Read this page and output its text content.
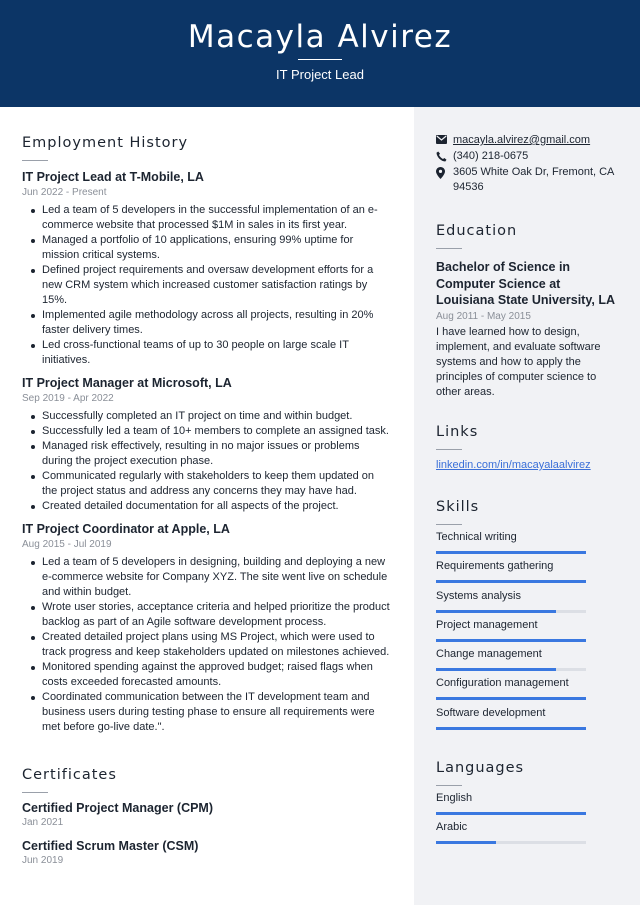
Macayla Alvirez
IT Project Lead
Employment History
IT Project Lead at T-Mobile, LA
Jun 2022 - Present
Led a team of 5 developers in the successful implementation of an e-commerce website that processed $1M in sales in its first year.
Managed a portfolio of 10 applications, ensuring 99% uptime for mission critical systems.
Defined project requirements and oversaw development efforts for a new CRM system which increased customer satisfaction ratings by 15%.
Implemented agile methodology across all projects, resulting in 20% faster delivery times.
Led cross-functional teams of up to 30 people on large scale IT initiatives.
IT Project Manager at Microsoft, LA
Sep 2019 - Apr 2022
Successfully completed an IT project on time and within budget.
Successfully led a team of 10+ members to complete an assigned task.
Managed risk effectively, resulting in no major issues or problems during the project execution phase.
Communicated regularly with stakeholders to keep them updated on the project status and address any concerns they may have had.
Created detailed documentation for all aspects of the project.
IT Project Coordinator at Apple, LA
Aug 2015 - Jul 2019
Led a team of 5 developers in designing, building and deploying a new e-commerce website for Company XYZ. The site went live on schedule and within budget.
Wrote user stories, acceptance criteria and helped prioritize the product backlog as part of an Agile software development process.
Created detailed project plans using MS Project, which were used to track progress and keep stakeholders updated on milestones achieved.
Monitored spending against the approved budget; raised flags when costs exceeded forecasted amounts.
Coordinated communication between the IT development team and business users during testing phase to ensure all requirements were met before go-live date.".
Certificates
Certified Project Manager (CPM)
Jan 2021
Certified Scrum Master (CSM)
Jun 2019
macayla.alvirez@gmail.com
(340) 218-0675
3605 White Oak Dr, Fremont, CA 94536
Education
Bachelor of Science in Computer Science at Louisiana State University, LA
Aug 2011 - May 2015
I have learned how to design, implement, and evaluate software systems and how to apply the principles of computer science to other areas.
Links
linkedin.com/in/macayalaalvirez
Skills
Technical writing
Requirements gathering
Systems analysis
Project management
Change management
Configuration management
Software development
Languages
English
Arabic
